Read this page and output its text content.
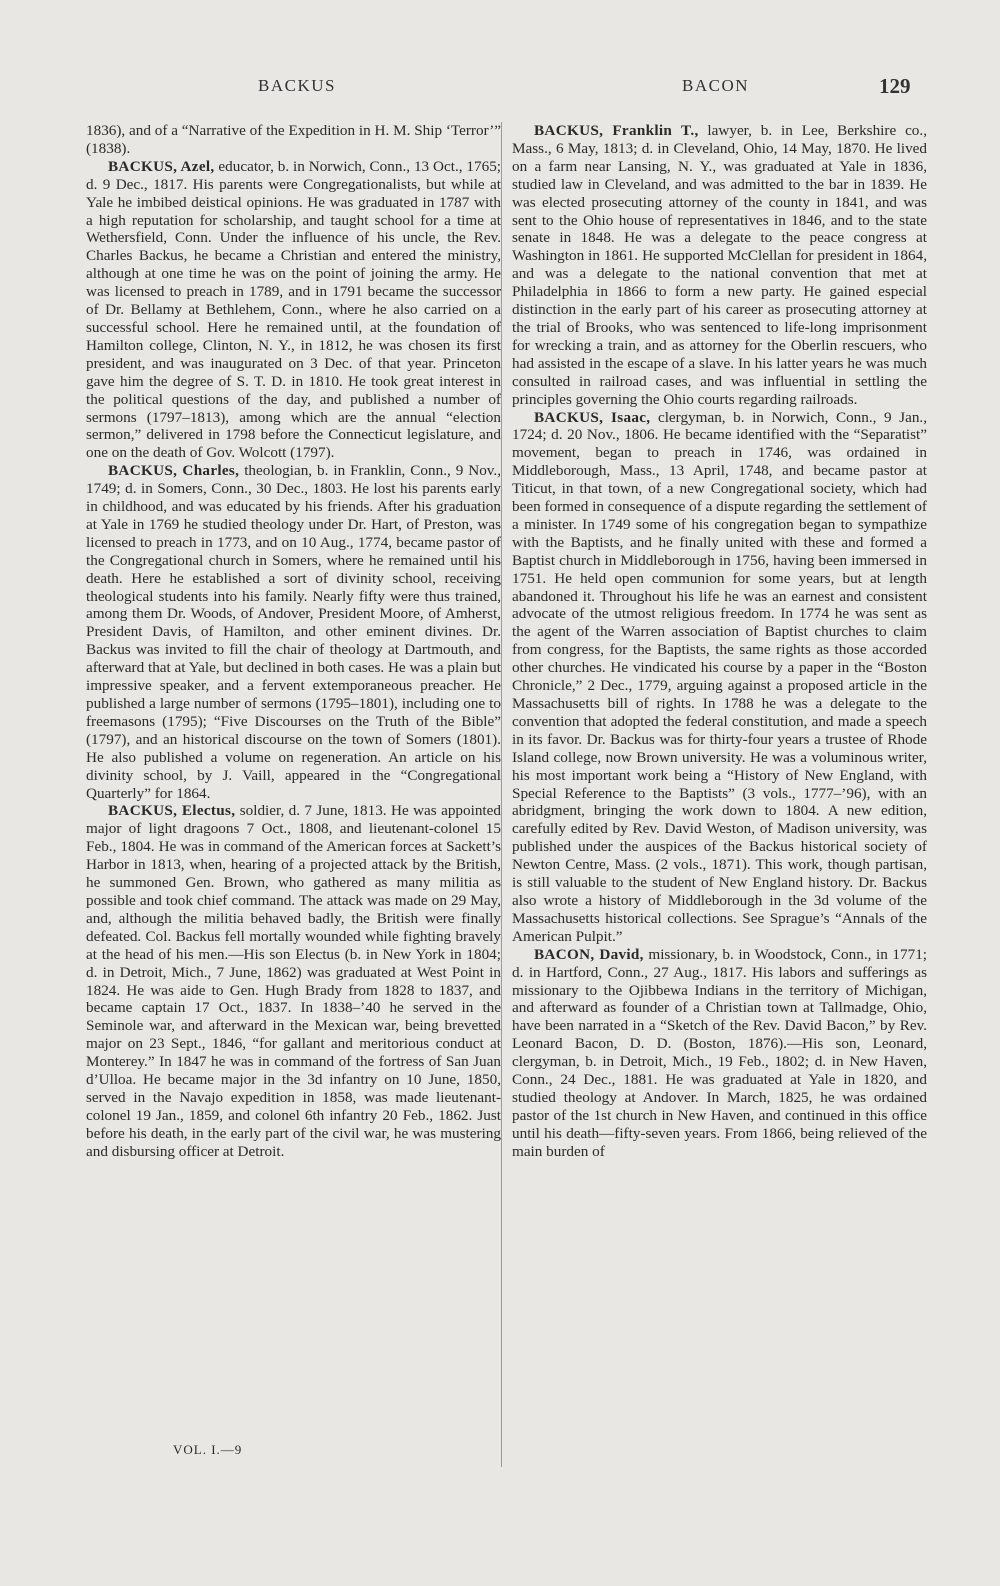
BACKUS	BACON	129

1836), and of a “Narrative of the Expedition in H. M. Ship ‘Terror’” (1838).

BACKUS, Azel, educator, b. in Norwich, Conn., 13 Oct., 1765; d. 9 Dec., 1817. His parents were Congregationalists, but while at Yale he imbibed deistical opinions. He was graduated in 1787 with a high reputation for scholarship, and taught school for a time at Wethersfield, Conn. Under the influence of his uncle, the Rev. Charles Backus, he became a Christian and entered the ministry, although at one time he was on the point of joining the army. He was licensed to preach in 1789, and in 1791 became the successor of Dr. Bellamy at Bethlehem, Conn., where he also carried on a successful school. Here he remained until, at the foundation of Hamilton college, Clinton, N. Y., in 1812, he was chosen its first president, and was inaugurated on 3 Dec. of that year. Princeton gave him the degree of S. T. D. in 1810. He took great interest in the political questions of the day, and published a number of sermons (1797–1813), among which are the annual “election sermon,” delivered in 1798 before the Connecticut legislature, and one on the death of Gov. Wolcott (1797).

BACKUS, Charles, theologian, b. in Franklin, Conn., 9 Nov., 1749; d. in Somers, Conn., 30 Dec., 1803. He lost his parents early in childhood, and was educated by his friends. After his graduation at Yale in 1769 he studied theology under Dr. Hart, of Preston, was licensed to preach in 1773, and on 10 Aug., 1774, became pastor of the Congregational church in Somers, where he remained until his death. Here he established a sort of divinity school, receiving theological students into his family. Nearly fifty were thus trained, among them Dr. Woods, of Andover, President Moore, of Amherst, President Davis, of Hamilton, and other eminent divines. Dr. Backus was invited to fill the chair of theology at Dartmouth, and afterward that at Yale, but declined in both cases. He was a plain but impressive speaker, and a fervent extemporaneous preacher. He published a large number of sermons (1795–1801), including one to freemasons (1795); “Five Discourses on the Truth of the Bible” (1797), and an historical discourse on the town of Somers (1801). He also published a volume on regeneration. An article on his divinity school, by J. Vaill, appeared in the “Congregational Quarterly” for 1864.

BACKUS, Electus, soldier, d. 7 June, 1813. He was appointed major of light dragoons 7 Oct., 1808, and lieutenant-colonel 15 Feb., 1804. He was in command of the American forces at Sackett’s Harbor in 1813, when, hearing of a projected attack by the British, he summoned Gen. Brown, who gathered as many militia as possible and took chief command. The attack was made on 29 May, and, although the militia behaved badly, the British were finally defeated. Col. Backus fell mortally wounded while fighting bravely at the head of his men.—His son Electus (b. in New York in 1804; d. in Detroit, Mich., 7 June, 1862) was graduated at West Point in 1824. He was aide to Gen. Hugh Brady from 1828 to 1837, and became captain 17 Oct., 1837. In 1838–’40 he served in the Seminole war, and afterward in the Mexican war, being brevetted major on 23 Sept., 1846, “for gallant and meritorious conduct at Monterey.” In 1847 he was in command of the fortress of San Juan d’Ulloa. He became major in the 3d infantry on 10 June, 1850, served in the Navajo expedition in 1858, was made lieutenant-colonel 19 Jan., 1859, and colonel 6th infantry 20 Feb., 1862. Just before his death, in the early part of the civil war, he was mustering and disbursing officer at Detroit.

BACKUS, Franklin T., lawyer, b. in Lee, Berkshire co., Mass., 6 May, 1813; d. in Cleveland, Ohio, 14 May, 1870. He lived on a farm near Lansing, N. Y., was graduated at Yale in 1836, studied law in Cleveland, and was admitted to the bar in 1839. He was elected prosecuting attorney of the county in 1841, and was sent to the Ohio house of representatives in 1846, and to the state senate in 1848. He was a delegate to the peace congress at Washington in 1861. He supported McClellan for president in 1864, and was a delegate to the national convention that met at Philadelphia in 1866 to form a new party. He gained especial distinction in the early part of his career as prosecuting attorney at the trial of Brooks, who was sentenced to life-long imprisonment for wrecking a train, and as attorney for the Oberlin rescuers, who had assisted in the escape of a slave. In his latter years he was much consulted in railroad cases, and was influential in settling the principles governing the Ohio courts regarding railroads.

BACKUS, Isaac, clergyman, b. in Norwich, Conn., 9 Jan., 1724; d. 20 Nov., 1806. He became identified with the “Separatist” movement, began to preach in 1746, was ordained in Middleborough, Mass., 13 April, 1748, and became pastor at Titicut, in that town, of a new Congregational society, which had been formed in consequence of a dispute regarding the settlement of a minister. In 1749 some of his congregation began to sympathize with the Baptists, and he finally united with these and formed a Baptist church in Middleborough in 1756, having been immersed in 1751. He held open communion for some years, but at length abandoned it. Throughout his life he was an earnest and consistent advocate of the utmost religious freedom. In 1774 he was sent as the agent of the Warren association of Baptist churches to claim from congress, for the Baptists, the same rights as those accorded other churches. He vindicated his course by a paper in the “Boston Chronicle,” 2 Dec., 1779, arguing against a proposed article in the Massachusetts bill of rights. In 1788 he was a delegate to the convention that adopted the federal constitution, and made a speech in its favor. Dr. Backus was for thirty-four years a trustee of Rhode Island college, now Brown university. He was a voluminous writer, his most important work being a “History of New England, with Special Reference to the Baptists” (3 vols., 1777–’96), with an abridgment, bringing the work down to 1804. A new edition, carefully edited by Rev. David Weston, of Madison university, was published under the auspices of the Backus historical society of Newton Centre, Mass. (2 vols., 1871). This work, though partisan, is still valuable to the student of New England history. Dr. Backus also wrote a history of Middleborough in the 3d volume of the Massachusetts historical collections. See Sprague’s “Annals of the American Pulpit.”

BACON, David, missionary, b. in Woodstock, Conn., in 1771; d. in Hartford, Conn., 27 Aug., 1817. His labors and sufferings as missionary to the Ojibbewa Indians in the territory of Michigan, and afterward as founder of a Christian town at Tallmadge, Ohio, have been narrated in a “Sketch of the Rev. David Bacon,” by Rev. Leonard Bacon, D. D. (Boston, 1876).—His son, Leonard, clergyman, b. in Detroit, Mich., 19 Feb., 1802; d. in New Haven, Conn., 24 Dec., 1881. He was graduated at Yale in 1820, and studied theology at Andover. In March, 1825, he was ordained pastor of the 1st church in New Haven, and continued in this office until his death—fifty-seven years. From 1866, being relieved of the main burden of

VOL. I.—9
